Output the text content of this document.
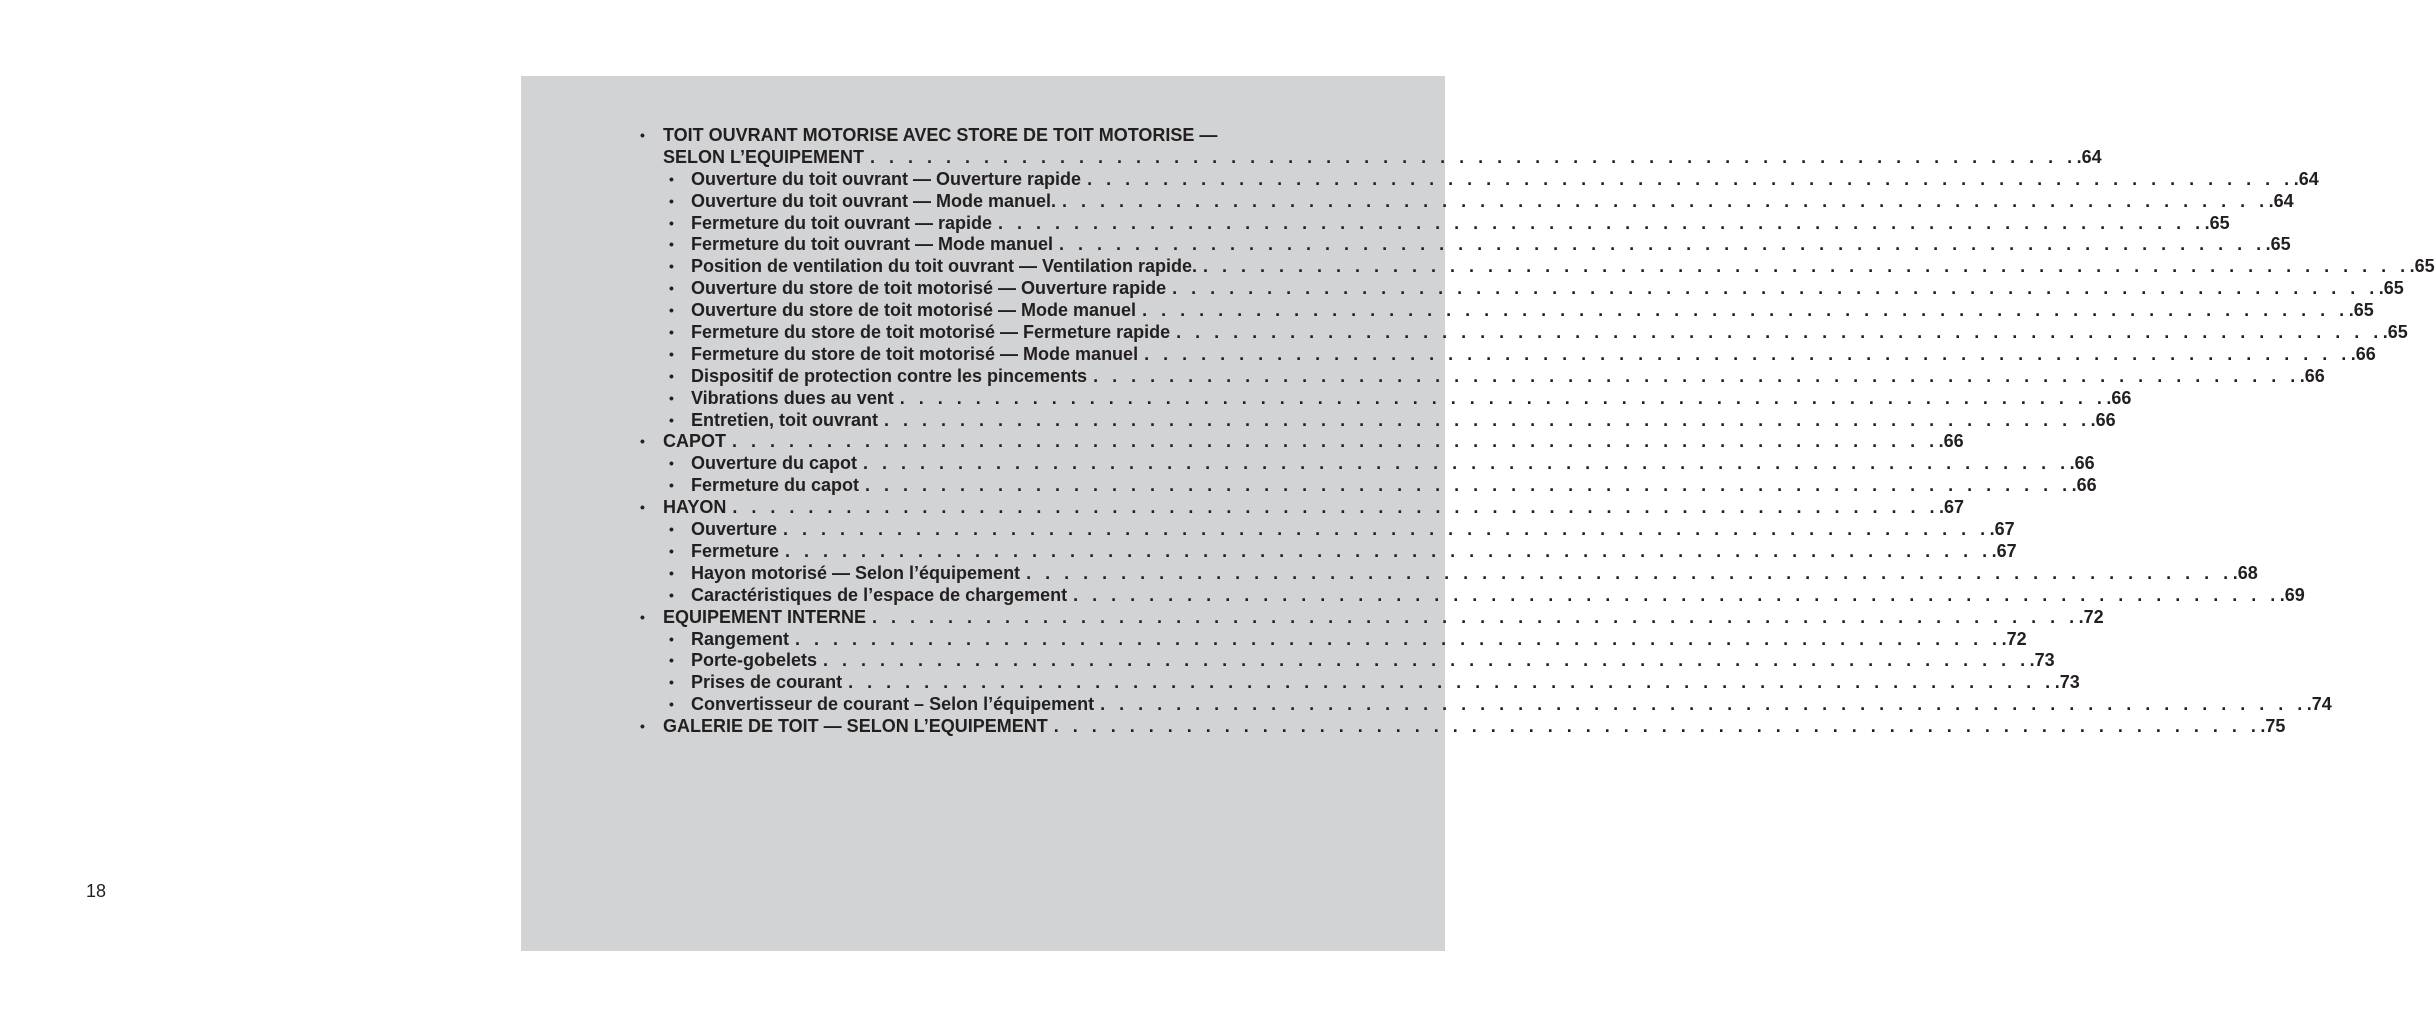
•	TOIT OUVRANT MOTORISE AVEC STORE DE TOIT MOTORISE —
SELON L’EQUIPEMENT . . . . . . . . . . . . . . . . . . . . . . . . . . . . . . . . . . . . . . . . . . . . . . . . . . . . . . . . . . . . . . . . .64
• Ouverture du toit ouvrant — Ouverture rapide . . . . . . . . . . . . . . . . . . . . . . . . . . . . . . . . . . . . . . . . . . . . . . . . . . . . . . . . . . . . . . . . .64
• Ouverture du toit ouvrant — Mode manuel. . . . . . . . . . . . . . . . . . . . . . . . . . . . . . . . . . . . . . . . . . . . . . . . . . . . . . . . . . . . . . . . . .64
• Fermeture du toit ouvrant — rapide . . . . . . . . . . . . . . . . . . . . . . . . . . . . . . . . . . . . . . . . . . . . . . . . . . . . . . . . . . . . . . . . .65
• Fermeture du toit ouvrant — Mode manuel . . . . . . . . . . . . . . . . . . . . . . . . . . . . . . . . . . . . . . . . . . . . . . . . . . . . . . . . . . . . . . . . .65
• Position de ventilation du toit ouvrant — Ventilation rapide. . . . . . . . . . . . . . . . . . . . . . . . . . . . . . . . . . . . . . . . . . . . . . . . . . . . . . . . . . . . . . . . . .65
• Ouverture du store de toit motorisé — Ouverture rapide . . . . . . . . . . . . . . . . . . . . . . . . . . . . . . . . . . . . . . . . . . . . . . . . . . . . . . . . . . . . . . . . .65
• Ouverture du store de toit motorisé — Mode manuel . . . . . . . . . . . . . . . . . . . . . . . . . . . . . . . . . . . . . . . . . . . . . . . . . . . . . . . . . . . . . . . . .65
• Fermeture du store de toit motorisé — Fermeture rapide . . . . . . . . . . . . . . . . . . . . . . . . . . . . . . . . . . . . . . . . . . . . . . . . . . . . . . . . . . . . . . . . .65
• Fermeture du store de toit motorisé — Mode manuel . . . . . . . . . . . . . . . . . . . . . . . . . . . . . . . . . . . . . . . . . . . . . . . . . . . . . . . . . . . . . . . . .66
• Dispositif de protection contre les pincements . . . . . . . . . . . . . . . . . . . . . . . . . . . . . . . . . . . . . . . . . . . . . . . . . . . . . . . . . . . . . . . . .66
• Vibrations dues au vent . . . . . . . . . . . . . . . . . . . . . . . . . . . . . . . . . . . . . . . . . . . . . . . . . . . . . . . . . . . . . . . . .66
• Entretien, toit ouvrant . . . . . . . . . . . . . . . . . . . . . . . . . . . . . . . . . . . . . . . . . . . . . . . . . . . . . . . . . . . . . . . . .66
• CAPOT . . . . . . . . . . . . . . . . . . . . . . . . . . . . . . . . . . . . . . . . . . . . . . . . . . . . . . . . . . . . . . . . .66
• Ouverture du capot . . . . . . . . . . . . . . . . . . . . . . . . . . . . . . . . . . . . . . . . . . . . . . . . . . . . . . . . . . . . . . . . .66
• Fermeture du capot . . . . . . . . . . . . . . . . . . . . . . . . . . . . . . . . . . . . . . . . . . . . . . . . . . . . . . . . . . . . . . . . .66
• HAYON . . . . . . . . . . . . . . . . . . . . . . . . . . . . . . . . . . . . . . . . . . . . . . . . . . . . . . . . . . . . . . . . .67
• Ouverture . . . . . . . . . . . . . . . . . . . . . . . . . . . . . . . . . . . . . . . . . . . . . . . . . . . . . . . . . . . . . . . . .67
• Fermeture . . . . . . . . . . . . . . . . . . . . . . . . . . . . . . . . . . . . . . . . . . . . . . . . . . . . . . . . . . . . . . . . .67
• Hayon motorisé — Selon l’équipement . . . . . . . . . . . . . . . . . . . . . . . . . . . . . . . . . . . . . . . . . . . . . . . . . . . . . . . . . . . . . . . . .68
• Caractéristiques de l’espace de chargement . . . . . . . . . . . . . . . . . . . . . . . . . . . . . . . . . . . . . . . . . . . . . . . . . . . . . . . . . . . . . . . . .69
• EQUIPEMENT INTERNE . . . . . . . . . . . . . . . . . . . . . . . . . . . . . . . . . . . . . . . . . . . . . . . . . . . . . . . . . . . . . . . . .72
• Rangement . . . . . . . . . . . . . . . . . . . . . . . . . . . . . . . . . . . . . . . . . . . . . . . . . . . . . . . . . . . . . . . . .72
• Porte-gobelets . . . . . . . . . . . . . . . . . . . . . . . . . . . . . . . . . . . . . . . . . . . . . . . . . . . . . . . . . . . . . . . . .73
• Prises de courant . . . . . . . . . . . . . . . . . . . . . . . . . . . . . . . . . . . . . . . . . . . . . . . . . . . . . . . . . . . . . . . . .73
• Convertisseur de courant – Selon l’équipement . . . . . . . . . . . . . . . . . . . . . . . . . . . . . . . . . . . . . . . . . . . . . . . . . . . . . . . . . . . . . . . . .74
• GALERIE DE TOIT — SELON L’EQUIPEMENT . . . . . . . . . . . . . . . . . . . . . . . . . . . . . . . . . . . . . . . . . . . . . . . . . . . . . . . . . . . . . . . . .75
18
